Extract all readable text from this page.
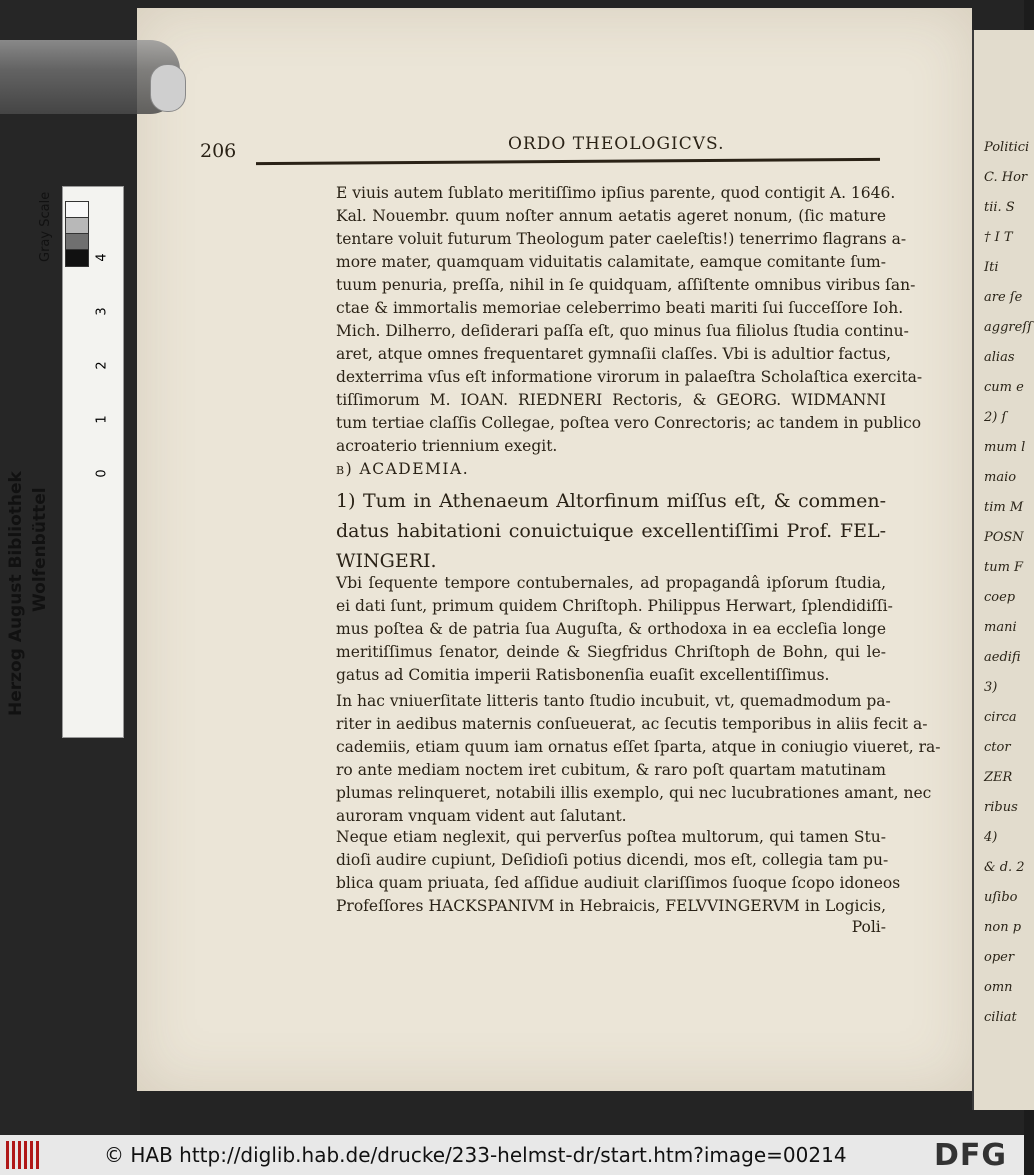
Politici
C. Hor
tii. S
† I T
Iti
are ſe
aggreſſ
alias
cum e
2) ſ
mum l
maio
tim M
POSN
tum F
coep
mani
aedifi
3)
circa
ctor
ZER
ribus
4)
& d. 2
uſibo
non p
oper
omn
ciliat
Gray Scale
Herzog August Bibliothek Wolfenbüttel
4
3
2
1
0
206	ORDO THEOLOGICVS.
E viuis autem ſublato meritiſſimo ipſius parente, quod contigit A. 1646.
Kal. Nouembr. quum noſter annum aetatis ageret nonum, (ſic mature
tentare voluit futurum Theologum pater caeleſtis!) tenerrimo flagrans a-
more mater, quamquam viduitatis calamitate, eamque comitante ſum-
tuum penuria, preſſa, nihil in ſe quidquam, aſſiſtente omnibus viribus ſan-
ctae & immortalis memoriae celeberrimo beati mariti ſui ſucceſſore Ioh.
Mich. Dilherro, deſiderari paſſa eſt, quo minus ſua filiolus ſtudia continu-
aret, atque omnes frequentaret gymnaſii claſſes. Vbi is adultior factus,
dexterrima vſus eſt informatione virorum in palaeſtra Scholaſtica exercita-
tiſſimorum M. IOAN. RIEDNERI Rectoris, & GEORG. WIDMANNI
tum tertiae claſſis Collegae, poſtea vero Conrectoris; ac tandem in publico
acroaterio triennium exegit.
b) ACADEMIA.
1) Tum in Athenaeum Altorfinum miſſus eſt, & commen-
datus habitationi conuictuique excellentiſſimi Prof. FEL-
WINGERI.
Vbi ſequente tempore contubernales, ad propagandâ ipſorum ſtudia,
ei dati ſunt, primum quidem Chriſtoph. Philippus Herwart, ſplendidiſſi-
mus poſtea & de patria ſua Auguſta, & orthodoxa in ea eccleſia longe
meritiſſimus ſenator, deinde & Siegfridus Chriſtoph de Bohn, qui le-
gatus ad Comitia imperii Ratisbonenſia euaſit excellentiſſimus.
In hac vniuerſitate litteris tanto ſtudio incubuit, vt, quemadmodum pa-
riter in aedibus maternis conſueuerat, ac ſecutis temporibus in aliis fecit a-
cademiis, etiam quum iam ornatus eſſet ſparta, atque in coniugio viueret, ra-
ro ante mediam noctem iret cubitum, & raro poſt quartam matutinam
plumas relinqueret, notabili illis exemplo, qui nec lucubrationes amant, nec
auroram vnquam vident aut ſalutant.
Neque etiam neglexit, qui perverſus poſtea multorum, qui tamen Stu-
dioſi audire cupiunt, Deſidioſi potius dicendi, mos eſt, collegia tam pu-
blica quam priuata, ſed aſſidue audiuit clariſſimos ſuoque ſcopo idoneos
Profeſſores HACKSPANIVM in Hebraicis, FELVVINGERVM in Logicis,
Poli-
© HAB http://diglib.hab.de/drucke/233-helmst-dr/start.htm?image=00214	DFG
